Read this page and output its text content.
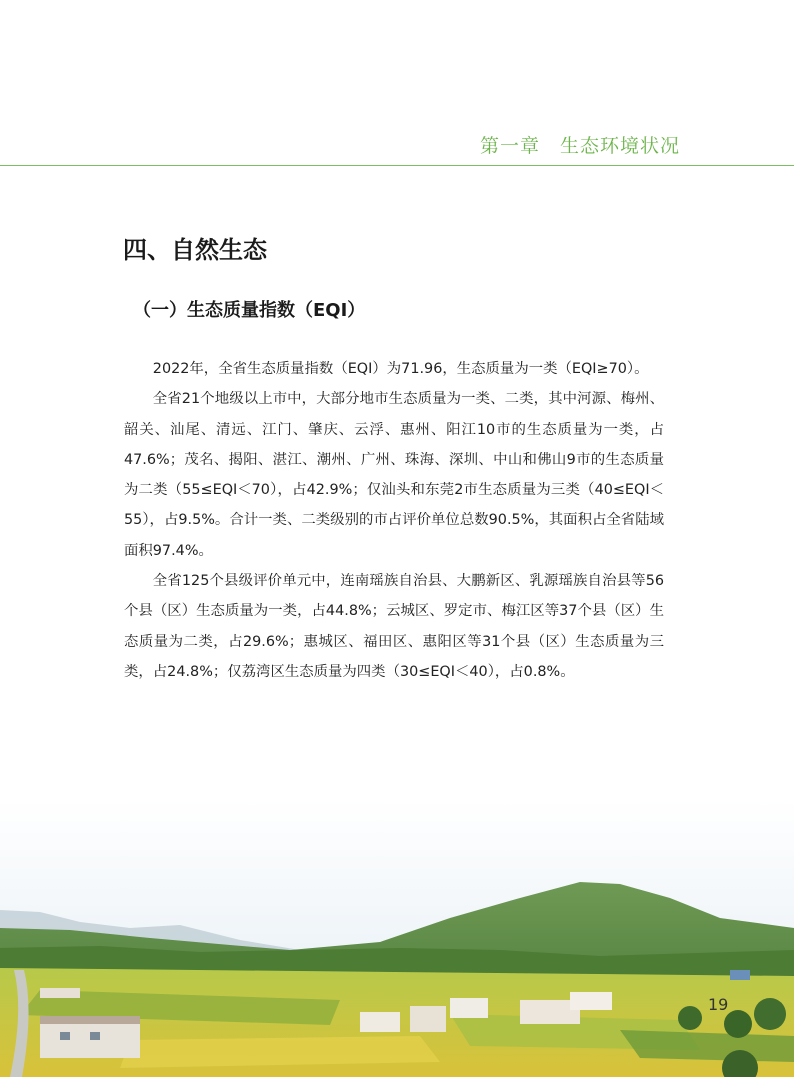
第一章　生态环境状况
四、自然生态
（一）生态质量指数（EQI）

2022年，全省生态质量指数（EQI）为71.96，生态质量为一类（EQI≥70）。

全省21个地级以上市中，大部分地市生态质量为一类、二类，其中河源、梅州、韶关、汕尾、清远、江门、肇庆、云浮、惠州、阳江10市的生态质量为一类，占47.6%；茂名、揭阳、湛江、潮州、广州、珠海、深圳、中山和佛山9市的生态质量为二类（55≤EQI＜70），占42.9%；仅汕头和东莞2市生态质量为三类（40≤EQI＜55），占9.5%。合计一类、二类级别的市占评价单位总数90.5%，其面积占全省陆域面积97.4%。

全省125个县级评价单元中，连南瑶族自治县、大鹏新区、乳源瑶族自治县等56个县（区）生态质量为一类，占44.8%；云城区、罗定市、梅江区等37个县（区）生态质量为二类，占29.6%；惠城区、福田区、惠阳区等31个县（区）生态质量为三类，占24.8%；仅荔湾区生态质量为四类（30≤EQI＜40），占0.8%。

19
